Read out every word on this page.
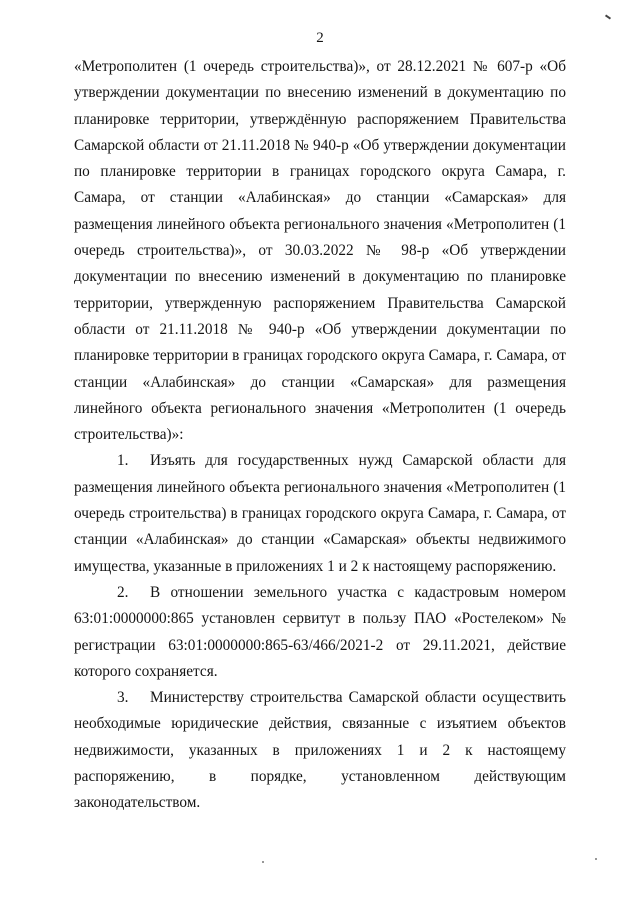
2

«Метрополитен (1 очередь строительства)», от 28.12.2021 № 607-р «Об утверждении документации по внесению изменений в документацию по планировке территории, утверждённую распоряжением Правительства Самарской области от 21.11.2018 № 940-р «Об утверждении документации по планировке территории в границах городского округа Самара, г. Самара, от станции «Алабинская» до станции «Самарская» для размещения линейного объекта регионального значения «Метрополитен (1 очередь строительства)», от 30.03.2022 № 98-р «Об утверждении документации по внесению изменений в документацию по планировке территории, утвержденную распоряжением Правительства Самарской области от 21.11.2018 № 940-р «Об утверждении документации по планировке территории в границах городского округа Самара, г. Самара, от станции «Алабинская» до станции «Самарская» для размещения линейного объекта регионального значения «Метрополитен (1 очередь строительства)»:

1. Изъять для государственных нужд Самарской области для размещения линейного объекта регионального значения «Метрополитен (1 очередь строительства) в границах городского округа Самара, г. Самара, от станции «Алабинская» до станции «Самарская» объекты недвижимого имущества, указанные в приложениях 1 и 2 к настоящему распоряжению.

2. В отношении земельного участка с кадастровым номером 63:01:0000000:865 установлен сервитут в пользу ПАО «Ростелеком» № регистрации 63:01:0000000:865-63/466/2021-2 от 29.11.2021, действие которого сохраняется.

3. Министерству строительства Самарской области осуществить необходимые юридические действия, связанные с изъятием объектов недвижимости, указанных в приложениях 1 и 2 к настоящему распоряжению, в порядке, установленном действующим законодательством.
